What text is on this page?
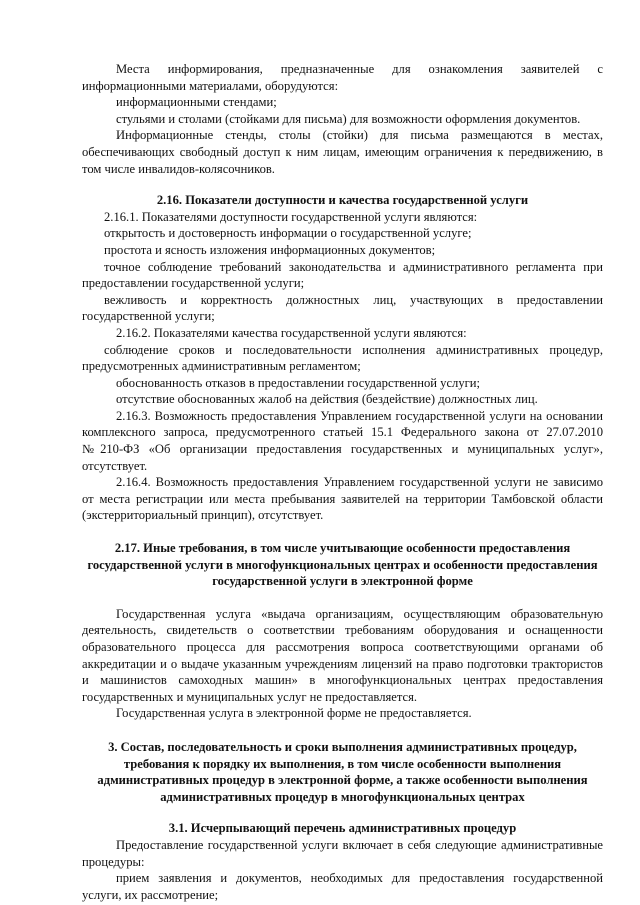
Места информирования, предназначенные для ознакомления заявителей с информационными материалами, оборудуются:

информационными стендами;

стульями и столами (стойками для письма) для возможности оформления документов.

Информационные стенды, столы (стойки) для письма размещаются в местах, обеспечивающих свободный доступ к ним лицам, имеющим ограничения к передвижению, в том числе инвалидов-колясочников.

2.16. Показатели доступности и качества государственной услуги

2.16.1. Показателями доступности государственной услуги являются:

открытость и достоверность информации о государственной услуге;

простота и ясность изложения информационных документов;

точное соблюдение требований законодательства и административного регламента при предоставлении государственной услуги;

вежливость и корректность должностных лиц, участвующих в предоставлении государственной услуги;

2.16.2. Показателями качества государственной услуги являются:

соблюдение сроков и последовательности исполнения административных процедур, предусмотренных административным регламентом;

обоснованность отказов в предоставлении государственной услуги;

отсутствие обоснованных жалоб на действия (бездействие) должностных лиц.

2.16.3. Возможность предоставления Управлением государственной услуги на основании комплексного запроса, предусмотренного статьей 15.1 Федерального закона от 27.07.2010 №210-ФЗ «Об организации предоставления государственных и муниципальных услуг», отсутствует.

2.16.4. Возможность предоставления Управлением государственной услуги не зависимо от места регистрации или места пребывания заявителей на территории Тамбовской области (экстерриториальный принцип), отсутствует.

2.17. Иные требования, в том числе учитывающие особенности предоставления государственной услуги в многофункциональных центрах и особенности предоставления государственной услуги в электронной форме

Государственная услуга «выдача организациям, осуществляющим образовательную деятельность, свидетельств о соответствии требованиям оборудования и оснащенности образовательного процесса для рассмотрения вопроса соответствующими органами об аккредитации и о выдаче указанным учреждениям лицензий на право подготовки трактористов и машинистов самоходных машин» в многофункциональных центрах предоставления государственных и муниципальных услуг не предоставляется.

Государственная услуга в электронной форме не предоставляется.

3. Состав, последовательность и сроки выполнения административных процедур, требования к порядку их выполнения, в том числе особенности выполнения административных процедур в электронной форме, а также особенности выполнения административных процедур в многофункциональных центрах

3.1. Исчерпывающий перечень административных процедур

Предоставление государственной услуги включает в себя следующие административные процедуры:

прием заявления и документов, необходимых для предоставления государственной услуги, их рассмотрение;
